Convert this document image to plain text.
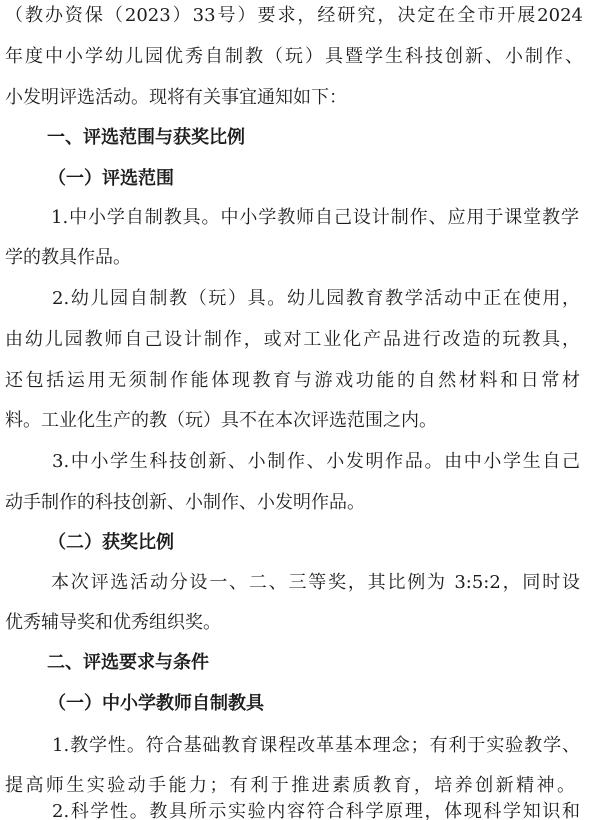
（教办资保（2023）33号）要求，经研究，决定在全市开展2024
年度中小学幼儿园优秀自制教（玩）具暨学生科技创新、小制作、
小发明评选活动。现将有关事宜通知如下：
一、评选范围与获奖比例
（一）评选范围
1.中小学自制教具。中小学教师自己设计制作、应用于课堂教学
学的教具作品。
2.幼儿园自制教（玩）具。幼儿园教育教学活动中正在使用，
由幼儿园教师自己设计制作，或对工业化产品进行改造的玩教具，
还包括运用无须制作能体现教育与游戏功能的自然材料和日常材
料。工业化生产的教（玩）具不在本次评选范围之内。
3.中小学生科技创新、小制作、小发明作品。由中小学生自己
动手制作的科技创新、小制作、小发明作品。
（二）获奖比例
本次评选活动分设一、二、三等奖，其比例为 3:5:2，同时设
优秀辅导奖和优秀组织奖。
二、评选要求与条件
（一）中小学教师自制教具
1.教学性。符合基础教育课程改革基本理念；有利于实验教学、
提高师生实验动手能力；有利于推进素质教育，培养创新精神。
2.科学性。教具所示实验内容符合科学原理，体现科学知识和
